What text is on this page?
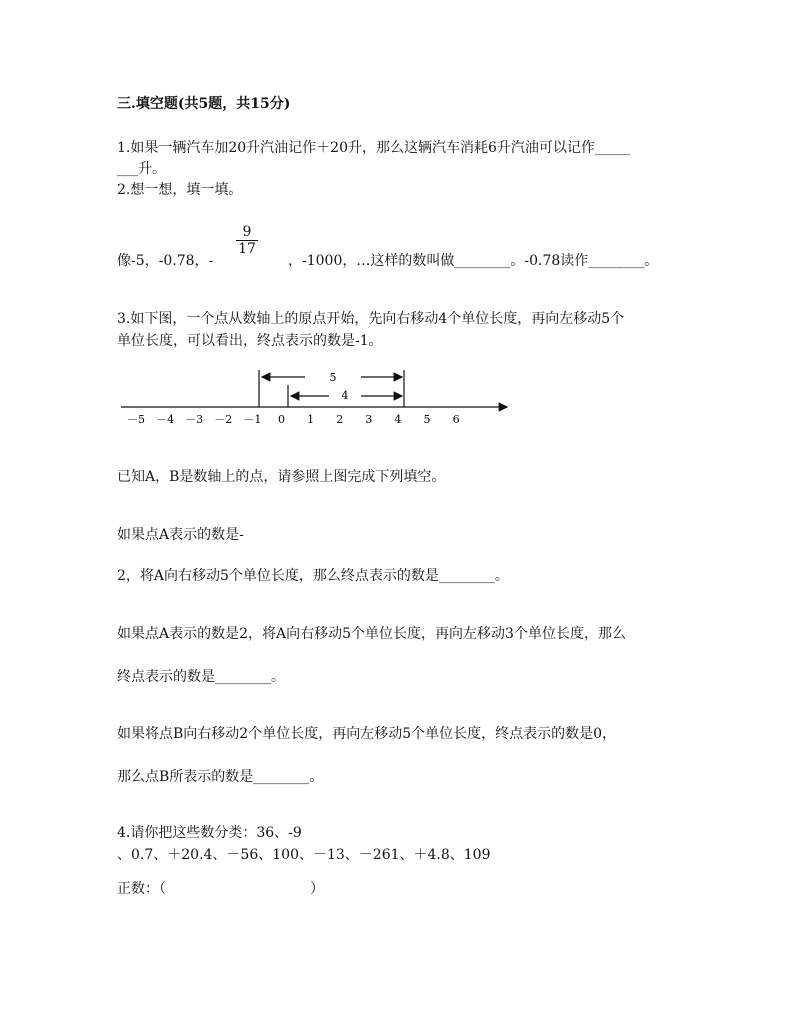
三.填空题(共5题，共15分)
1.如果一辆汽车加20升汽油记作＋20升，那么这辆汽车消耗6升汽油可以记作_____
___升。
2.想一想，填一填。
9
17
像-5，-0.78，-	，-1000，…这样的数叫做________。-0.78读作________。
3.如下图，一个点从数轴上的原点开始，先向右移动4个单位长度，再向左移动5个
单位长度，可以看出，终点表示的数是-1。
5
4
－5 －4 －3 －2 －1 0 1 2 3 4 5 6
已知A，B是数轴上的点，请参照上图完成下列填空。
如果点A表示的数是-
2，将A向右移动5个单位长度，那么终点表示的数是________。
如果点A表示的数是2，将A向右移动5个单位长度，再向左移动3个单位长度，那么
终点表示的数是________。
如果将点B向右移动2个单位长度，再向左移动5个单位长度，终点表示的数是0，
那么点B所表示的数是________。
4.请你把这些数分类：36、-9
、0.7、＋20.4、－56、100、－13、－261、＋4.8、109
正数：（	）
